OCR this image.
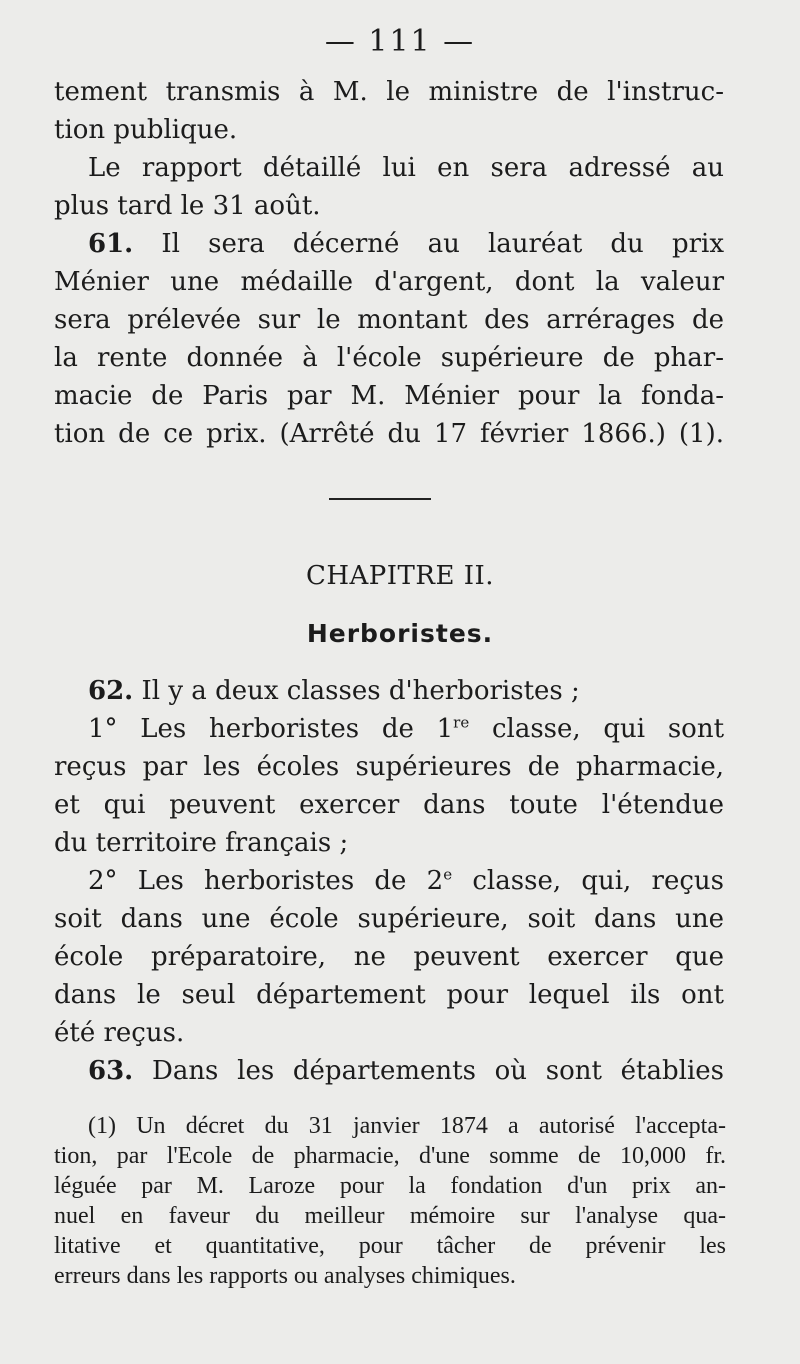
— 111 —
tement transmis à M. le ministre de l'instruc-
tion publique.
Le rapport détaillé lui en sera adressé au
plus tard le 31 août.
61. Il sera décerné au lauréat du prix
Ménier une médaille d'argent, dont la valeur
sera prélevée sur le montant des arrérages de
la rente donnée à l'école supérieure de phar-
macie de Paris par M. Ménier pour la fonda-
tion de ce prix. (Arrêté du 17 février 1866.) (1).
CHAPITRE II.
Herboristes.
62. Il y a deux classes d'herboristes ;
1° Les herboristes de 1re classe, qui sont
reçus par les écoles supérieures de pharmacie,
et qui peuvent exercer dans toute l'étendue
du territoire français ;
2° Les herboristes de 2e classe, qui, reçus
soit dans une école supérieure, soit dans une
école préparatoire, ne peuvent exercer que
dans le seul département pour lequel ils ont
été reçus.
63. Dans les départements où sont établies
(1) Un décret du 31 janvier 1874 a autorisé l'accepta-
tion, par l'Ecole de pharmacie, d'une somme de 10,000 fr.
léguée par M. Laroze pour la fondation d'un prix an-
nuel en faveur du meilleur mémoire sur l'analyse qua-
litative et quantitative, pour tâcher de prévenir les
erreurs dans les rapports ou analyses chimiques.
